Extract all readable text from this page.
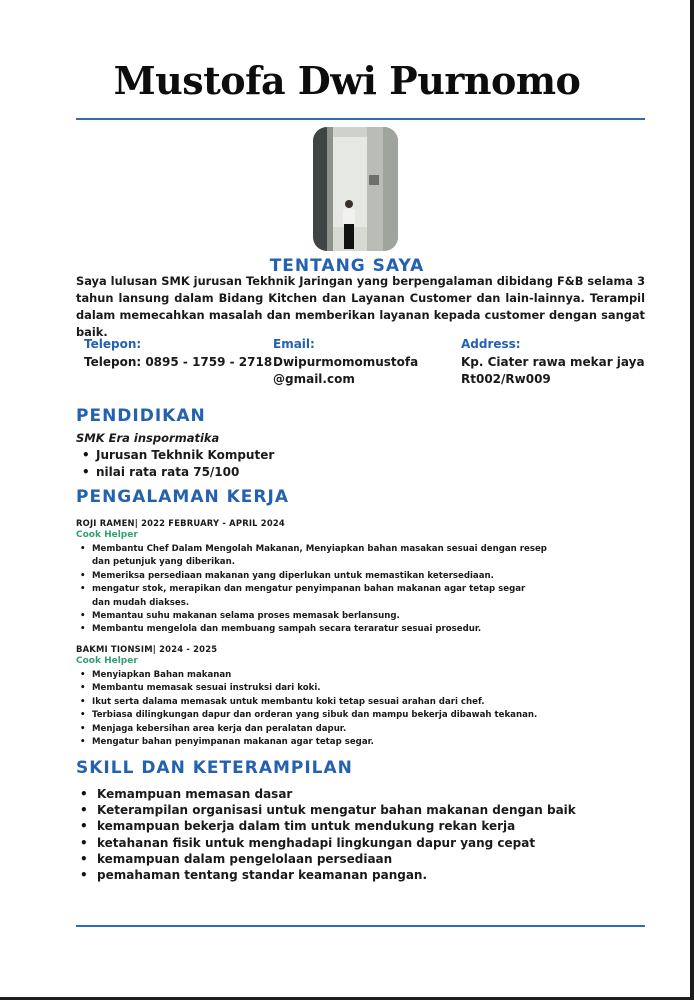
Mustofa Dwi Purnomo
TENTANG SAYA

Saya lulusan SMK jurusan Tekhnik Jaringan yang berpengalaman dibidang F&B selama 3 tahun lansung dalam Bidang Kitchen dan Layanan Customer dan lain-lainnya. Terampil dalam memecahkan masalah dan memberikan layanan kepada customer dengan sangat baik.

Telepon:
Telepon: 0895 - 1759 - 2718
Email:
Dwipurmomomustofa
@gmail.com
Address:
Kp. Ciater rawa mekar jaya
Rt002/Rw009
PENDIDIKAN
SMK Era inspormatika
• Jurusan Tekhnik Komputer
• nilai rata rata 75/100
PENGALAMAN KERJA
ROJI RAMEN| 2022 FEBRUARY - APRIL 2024
Cook Helper
• Membantu Chef Dalam Mengolah Makanan, Menyiapkan bahan masakan sesuai dengan resep dan petunjuk yang diberikan.
• Memeriksa persediaan makanan yang diperlukan untuk memastikan ketersediaan.
• mengatur stok, merapikan dan mengatur penyimpanan bahan makanan agar tetap segar dan mudah diakses.
• Memantau suhu makanan selama proses memasak berlansung.
• Membantu mengelola dan membuang sampah secara teraratur sesuai prosedur.
BAKMI TIONSIM| 2024 - 2025
Cook Helper
• Menyiapkan Bahan makanan
• Membantu memasak sesuai instruksi dari koki.
• Ikut serta dalama memasak untuk membantu koki tetap sesuai arahan dari chef.
• Terbiasa dilingkungan dapur dan orderan yang sibuk dan mampu bekerja dibawah tekanan.
• Menjaga kebersihan area kerja dan peralatan dapur.
• Mengatur bahan penyimpanan makanan agar tetap segar.
SKILL DAN KETERAMPILAN
• Kemampuan memasan dasar
• Keterampilan organisasi untuk mengatur bahan makanan dengan baik
• kemampuan bekerja dalam tim untuk mendukung rekan kerja
• ketahanan fisik untuk menghadapi lingkungan dapur yang cepat
• kemampuan dalam pengelolaan persediaan
• pemahaman tentang standar keamanan pangan.
